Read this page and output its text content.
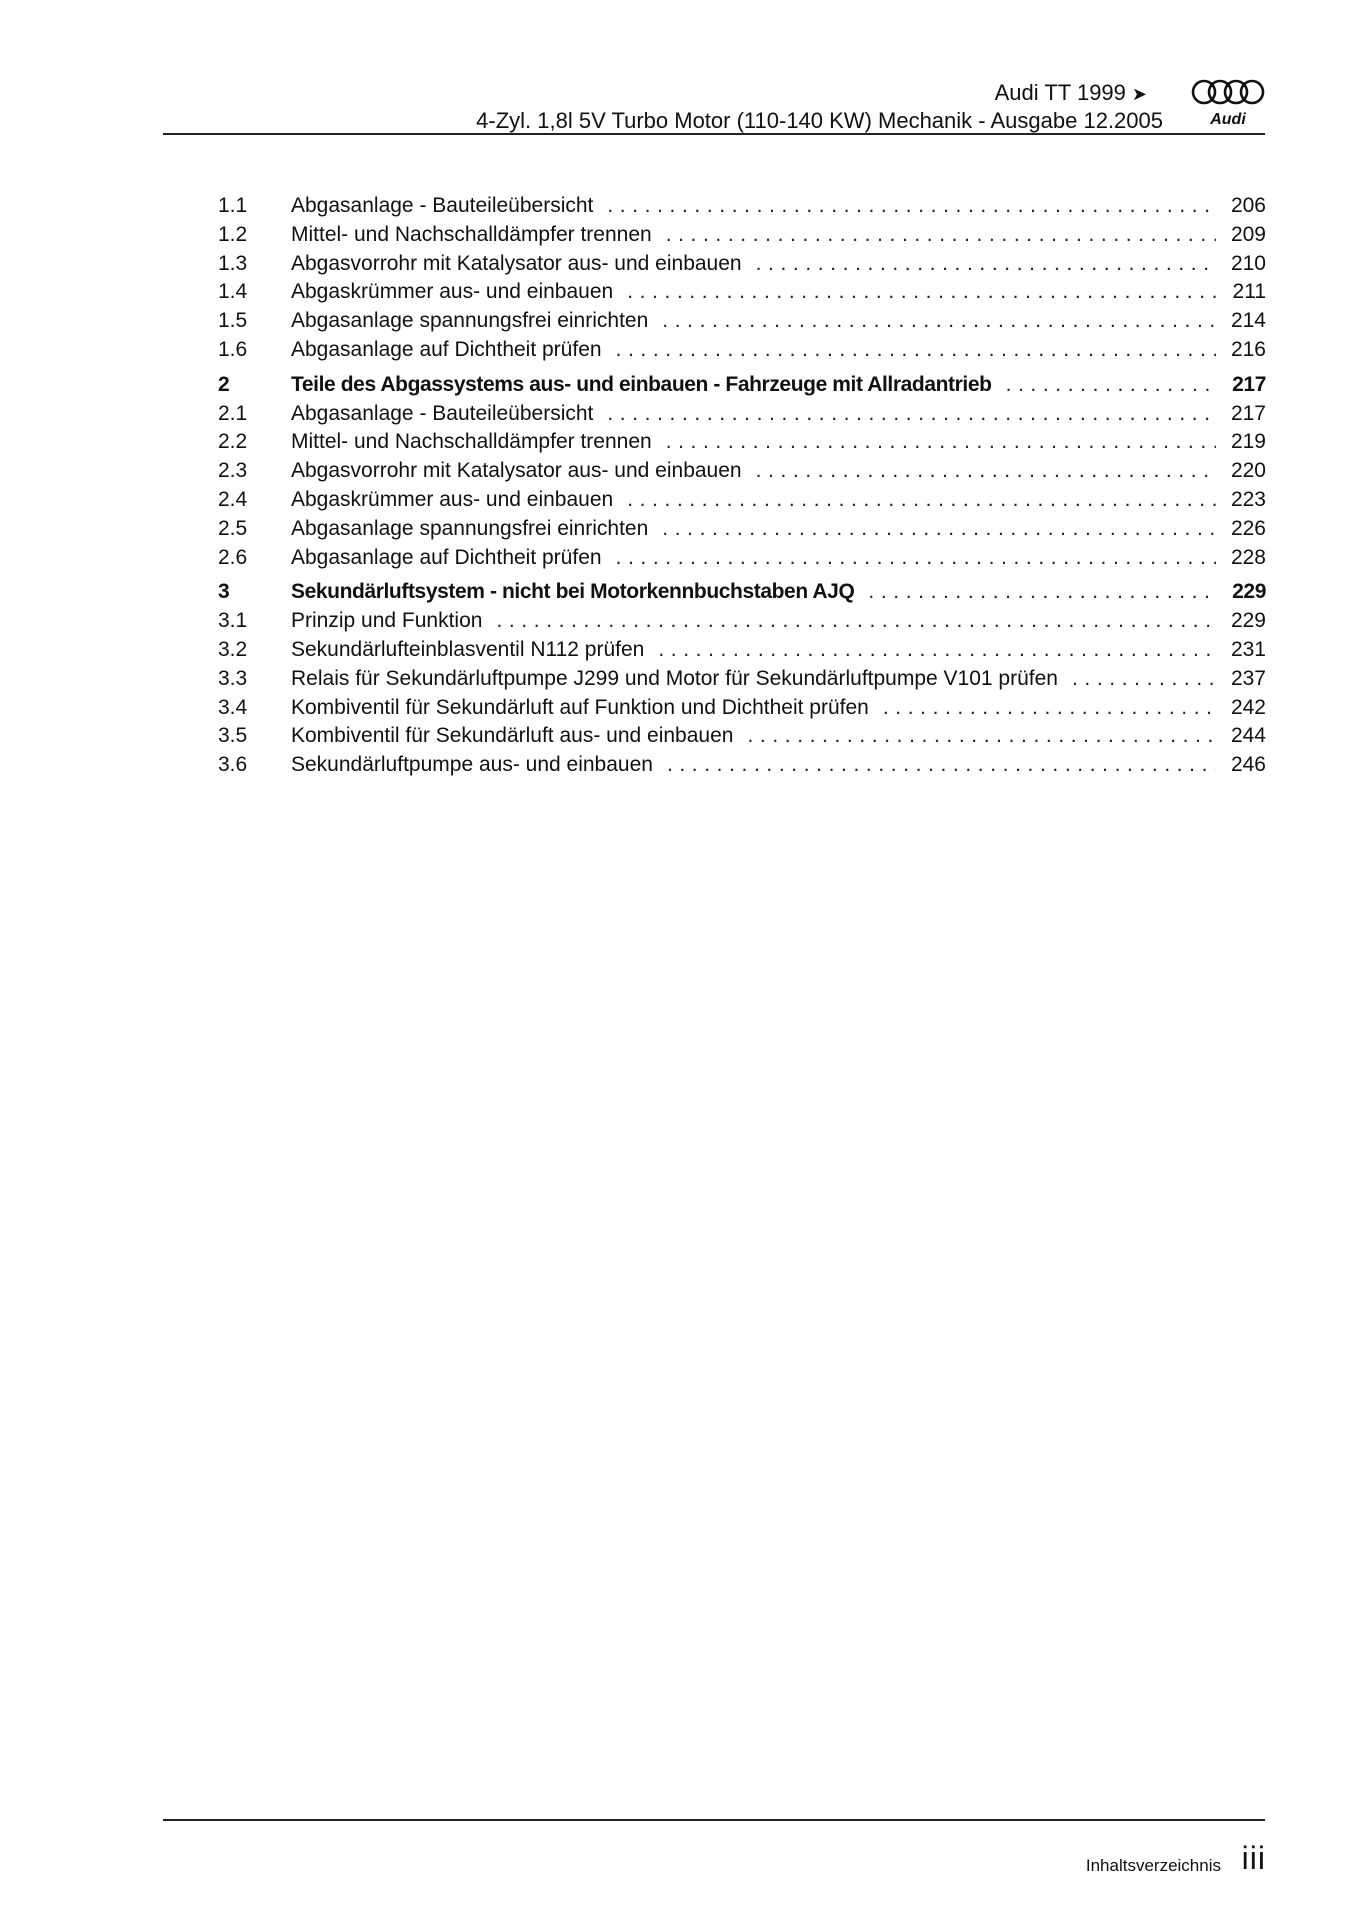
Audi TT 1999 ➤
4-Zyl. 1,8l 5V Turbo Motor (110-140 KW) Mechanik - Ausgabe 12.2005	Audi
1.1	Abgasanlage - Bauteileübersicht .....	206
1.2	Mittel- und Nachschalldämpfer trennen .....	209
1.3	Abgasvorrohr mit Katalysator aus- und einbauen .....	210
1.4	Abgaskrümmer aus- und einbauen .....	211
1.5	Abgasanlage spannungsfrei einrichten .....	214
1.6	Abgasanlage auf Dichtheit prüfen .....	216
2	Teile des Abgassystems aus- und einbauen - Fahrzeuge mit Allradantrieb .....	217
2.1	Abgasanlage - Bauteileübersicht .....	217
2.2	Mittel- und Nachschalldämpfer trennen .....	219
2.3	Abgasvorrohr mit Katalysator aus- und einbauen .....	220
2.4	Abgaskrümmer aus- und einbauen .....	223
2.5	Abgasanlage spannungsfrei einrichten .....	226
2.6	Abgasanlage auf Dichtheit prüfen .....	228
3	Sekundärluftsystem - nicht bei Motorkennbuchstaben AJQ .....	229
3.1	Prinzip und Funktion .....	229
3.2	Sekundärlufteinblasventil N112 prüfen .....	231
3.3	Relais für Sekundärluftpumpe J299 und Motor für Sekundärluftpumpe V101 prüfen .....	237
3.4	Kombiventil für Sekundärluft auf Funktion und Dichtheit prüfen .....	242
3.5	Kombiventil für Sekundärluft aus- und einbauen .....	244
3.6	Sekundärluftpumpe aus- und einbauen .....	246
Inhaltsverzeichnis iii
